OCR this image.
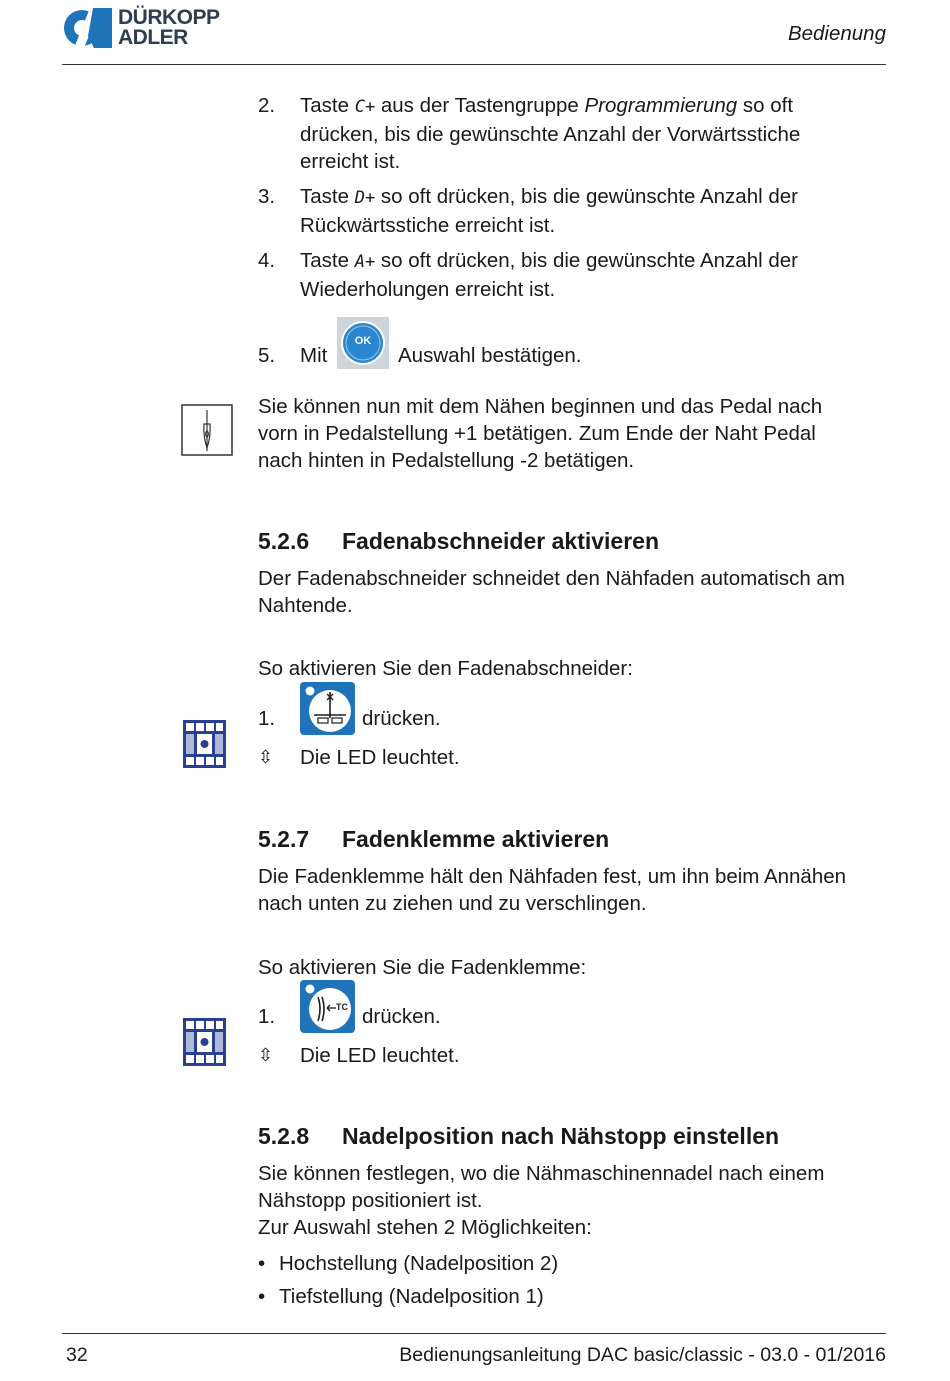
DÜRKOPP
ADLER	Bedienung
2. Taste C+ aus der Tastengruppe Programmierung so oft
drücken, bis die gewünschte Anzahl der Vorwärtsstiche
erreicht ist.
3. Taste D+ so oft drücken, bis die gewünschte Anzahl der
Rückwärtsstiche erreicht ist.
4. Taste A+ so oft drücken, bis die gewünschte Anzahl der
Wiederholungen erreicht ist.
5. Mit
OK
Auswahl bestätigen.
Sie können nun mit dem Nähen beginnen und das Pedal nach
vorn in Pedalstellung +1 betätigen. Zum Ende der Naht Pedal
nach hinten in Pedalstellung -2 betätigen.
5.2.6 Fadenabschneider aktivieren
Der Fadenabschneider schneidet den Nähfaden automatisch am
Nahtende.
So aktivieren Sie den Fadenabschneider:
1.	drücken.
⇳ Die LED leuchtet.
5.2.7 Fadenklemme aktivieren
Die Fadenklemme hält den Nähfaden fest, um ihn beim Annähen
nach unten zu ziehen und zu verschlingen.
So aktivieren Sie die Fadenklemme:
1.	TC drücken.
⇳ Die LED leuchtet.
5.2.8 Nadelposition nach Nähstopp einstellen
Sie können festlegen, wo die Nähmaschinennadel nach einem
Nähstopp positioniert ist.
Zur Auswahl stehen 2 Möglichkeiten:
• Hochstellung (Nadelposition 2)
• Tiefstellung (Nadelposition 1)
32	Bedienungsanleitung DAC basic/classic - 03.0 - 01/2016
